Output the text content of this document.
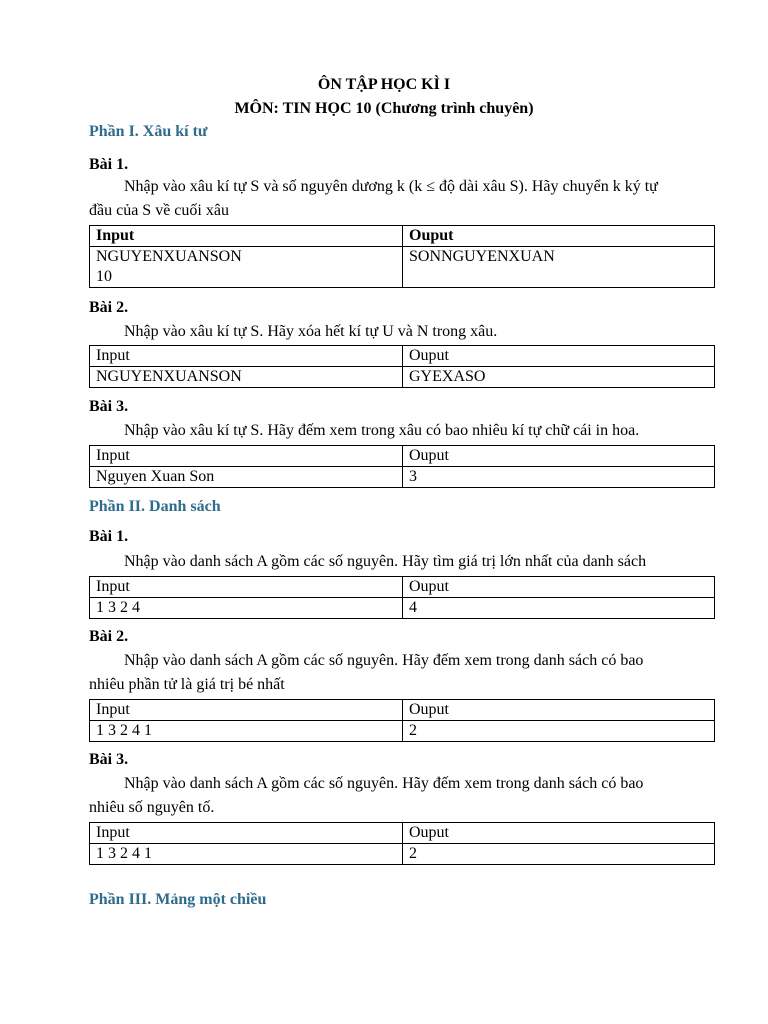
ÔN TẬP HỌC KÌ I
MÔN: TIN HỌC 10 (Chương trình chuyên)
Phần I. Xâu kí tư
Bài 1.
Nhập vào xâu kí tự S và số nguyên dương k (k ≤ độ dài xâu S). Hãy chuyển k ký tự
đầu của S về cuối xâu
Input	Ouput

NGUYENXUANSON
10	SONNGUYENXUAN
Bài 2.
Nhập vào xâu kí tự S. Hãy xóa hết kí tự U và N trong xâu.
Input	Ouput
NGUYENXUANSON	GYEXASO
Bài 3.
Nhập vào xâu kí tự S. Hãy đếm xem trong xâu có bao nhiêu kí tự chữ cái in hoa.
Input	Ouput
Nguyen Xuan Son	3
Phần II. Danh sách
Bài 1.
Nhập vào danh sách A gồm các số nguyên. Hãy tìm giá trị lớn nhất của danh sách
Input	Ouput
1 3 2 4	4
Bài 2.
Nhập vào danh sách A gồm các số nguyên. Hãy đếm xem trong danh sách có bao
nhiêu phần tử là giá trị bé nhất
Input	Ouput
1 3 2 4 1	2
Bài 3.
Nhập vào danh sách A gồm các số nguyên. Hãy đếm xem trong danh sách có bao
nhiêu số nguyên tố.
Input	Ouput
1 3 2 4 1	2
Phần III. Mảng một chiều
